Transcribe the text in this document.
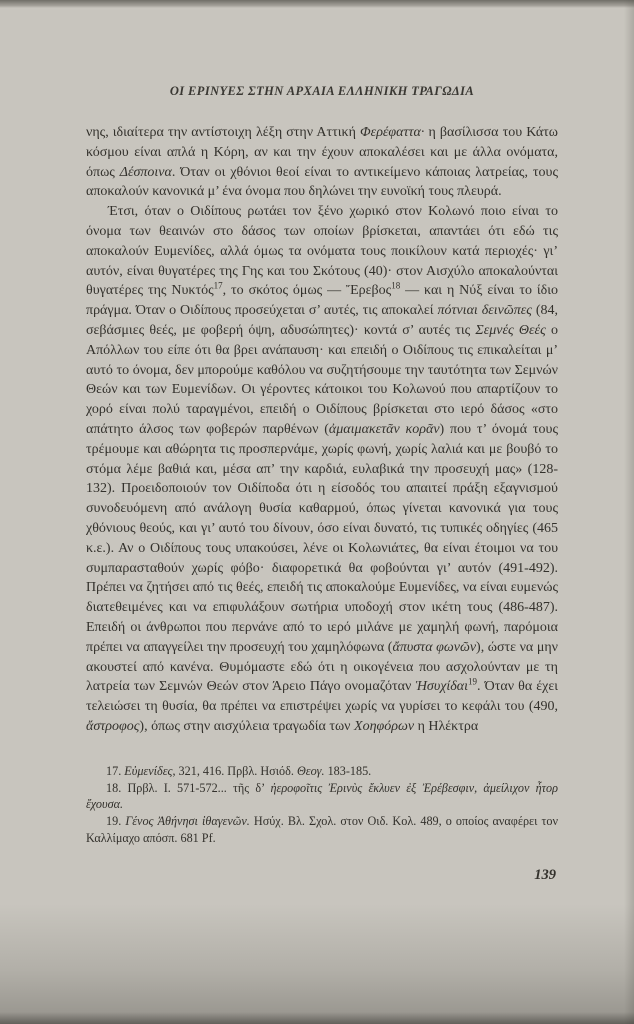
ΟΙ ΕΡΙΝΥΕΣ ΣΤΗΝ ΑΡΧΑΙΑ ΕΛΛΗΝΙΚΗ ΤΡΑΓΩΔΙΑ

νης, ιδιαίτερα την αντίστοιχη λέξη στην Αττική Φερέφαττα· η βασίλισσα του Κάτω κόσμου είναι απλά η Κόρη, αν και την έχουν αποκαλέσει και με άλλα ονόματα, όπως Δέσποινα. Όταν οι χθόνιοι θεοί είναι το αντικείμενο κάποιας λατρείας, τους αποκαλούν κανονικά μ’ ένα όνομα που δηλώνει την ευνοϊκή τους πλευρά.

Έτσι, όταν ο Οιδίπους ρωτάει τον ξένο χωρικό στον Κολωνό ποιο είναι το όνομα των θεαινών στο δάσος των οποίων βρίσκεται, απαντάει ότι εδώ τις αποκαλούν Ευμενίδες, αλλά όμως τα ονόματα τους ποικίλουν κατά περιοχές· γι’ αυτόν, είναι θυγατέρες της Γης και του Σκότους (40)· στον Αισχύλο αποκαλούνται θυγατέρες της Νυκτός$^{17}$, το σκότος όμως — Ἔρεβος$^{18}$ — και η Νύξ είναι το ίδιο πράγμα. Όταν ο Οιδίπους προσεύχεται σ’ αυτές, τις αποκαλεί πότνιαι δεινῶπες (84, σεβάσμιες θεές, με φοβερή όψη, αδυσώπητες)· κοντά σ’ αυτές τις Σεμνές Θεές ο Απόλλων του είπε ότι θα βρει ανάπαυση· και επειδή ο Οιδίπους τις επικαλείται μ’ αυτό το όνομα, δεν μπορούμε καθόλου να συζητήσουμε την ταυτότητα των Σεμνών Θεών και των Ευμενίδων. Οι γέροντες κάτοικοι του Κολωνού που απαρτίζουν το χορό είναι πολύ ταραγμένοι, επειδή ο Οιδίπους βρίσκεται στο ιερό δάσος «στο απάτητο άλσος των φοβερών παρθένων (ἀμαιμακετᾶν κορᾶν) που τ’ όνομά τους τρέμουμε και αθώρητα τις προσπερνάμε, χωρίς φωνή, χωρίς λαλιά και με βουβό το στόμα λέμε βαθιά και, μέσα απ’ την καρδιά, ευλαβικά την προσευχή μας» (128-132). Προειδοποιούν τον Οιδίποδα ότι η είσοδός του απαιτεί πράξη εξαγνισμού συνοδευόμενη από ανάλογη θυσία καθαρμού, όπως γίνεται κανονικά για τους χθόνιους θεούς, και γι’ αυτό του δίνουν, όσο είναι δυνατό, τις τυπικές οδηγίες (465 κ.ε.). Αν ο Οιδίπους τους υπακούσει, λένε οι Κολωνιάτες, θα είναι έτοιμοι να του συμπαρασταθούν χωρίς φόβο· διαφορετικά θα φοβούνται γι’ αυτόν (491-492). Πρέπει να ζητήσει από τις θεές, επειδή τις αποκαλούμε Ευμενίδες, να είναι ευμενώς διατεθειμένες και να επιφυλάξουν σωτήρια υποδοχή στον ικέτη τους (486-487). Επειδή οι άνθρωποι που περνάνε από το ιερό μιλάνε με χαμηλή φωνή, παρόμοια πρέπει να απαγγείλει την προσευχή του χαμηλόφωνα (ἄπυστα φωνῶν), ώστε να μην ακουστεί από κανένα. Θυμόμαστε εδώ ότι η οικογένεια που ασχολούνταν με τη λατρεία των Σεμνών Θεών στον Άρειο Πάγο ονομαζόταν Ἡσυχίδαι$^{19}$. Όταν θα έχει τελειώσει τη θυσία, θα πρέπει να επιστρέψει χωρίς να γυρίσει το κεφάλι του (490, ἄστροφος), όπως στην αισχύλεια τραγωδία των Χοηφόρων η Ηλέκτρα

17. Εὐμενίδες, 321, 416. Πρβλ. Ησιόδ. Θεογ. 183-185.

18. Πρβλ. Ι. 571-572... τῆς δ’ ἠεροφοῖτις Ἐρινὺς ἔκλυεν ἐξ Ἐρέβεσφιν, ἀμείλιχον ἦτορ ἔχουσα.

19. Γένος Ἀθήνησι ἰθαγενῶν. Ησύχ. Βλ. Σχολ. στον Οιδ. Κολ. 489, ο οποίος αναφέρει τον Καλλίμαχο απόσπ. 681 Pf.

139
